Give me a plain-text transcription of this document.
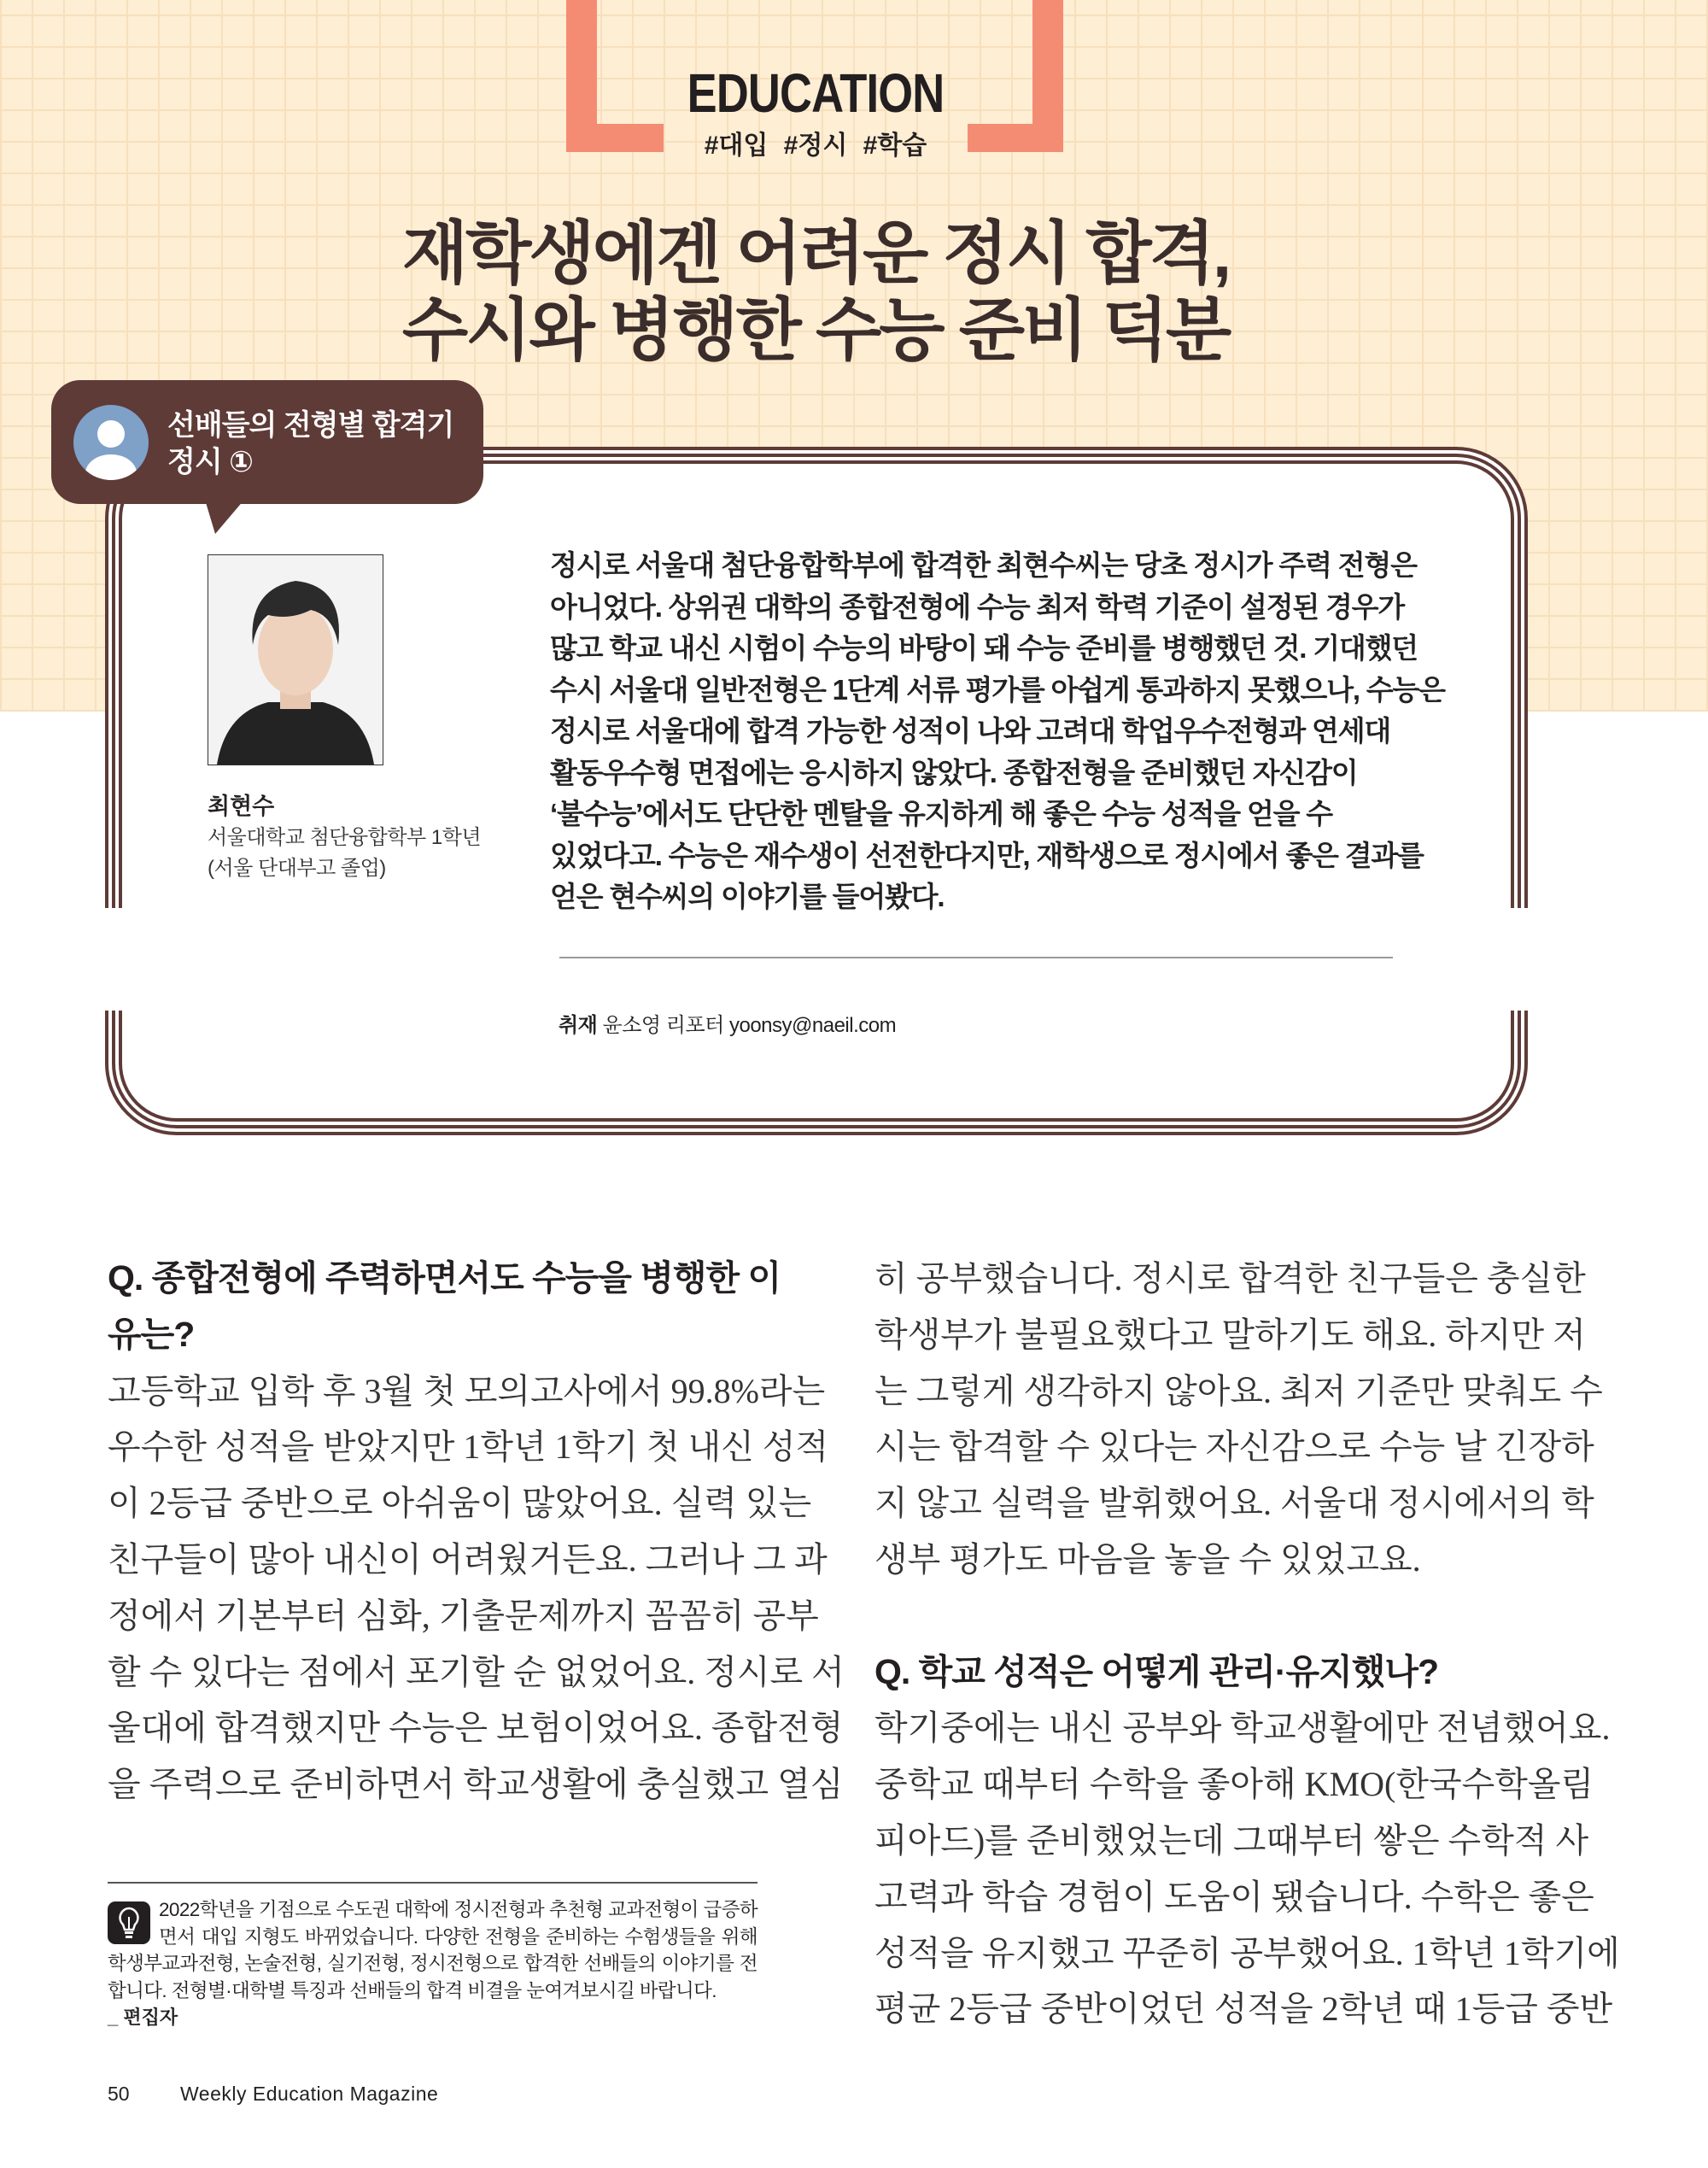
EDUCATION
#대입 #정시 #학습
재학생에겐 어려운 정시 합격,
수시와 병행한 수능 준비 덕분
선배들의 전형별 합격기
정시 ①
최현수
서울대학교 첨단융합학부 1학년
(서울 단대부고 졸업)
정시로 서울대 첨단융합학부에 합격한 최현수씨는 당초 정시가 주력 전형은
아니었다. 상위권 대학의 종합전형에 수능 최저 학력 기준이 설정된 경우가
많고 학교 내신 시험이 수능의 바탕이 돼 수능 준비를 병행했던 것. 기대했던
수시 서울대 일반전형은 1단계 서류 평가를 아쉽게 통과하지 못했으나, 수능은
정시로 서울대에 합격 가능한 성적이 나와 고려대 학업우수전형과 연세대
활동우수형 면접에는 응시하지 않았다. 종합전형을 준비했던 자신감이
‘불수능’에서도 단단한 멘탈을 유지하게 해 좋은 수능 성적을 얻을 수
있었다고. 수능은 재수생이 선전한다지만, 재학생으로 정시에서 좋은 결과를
얻은 현수씨의 이야기를 들어봤다.
취재 윤소영 리포터 yoonsy@naeil.com
Q. 종합전형에 주력하면서도 수능을 병행한 이
유는?
고등학교 입학 후 3월 첫 모의고사에서 99.8%라는
우수한 성적을 받았지만 1학년 1학기 첫 내신 성적
이 2등급 중반으로 아쉬움이 많았어요. 실력 있는
친구들이 많아 내신이 어려웠거든요. 그러나 그 과
정에서 기본부터 심화, 기출문제까지 꼼꼼히 공부
할 수 있다는 점에서 포기할 순 없었어요. 정시로 서
울대에 합격했지만 수능은 보험이었어요. 종합전형
을 주력으로 준비하면서 학교생활에 충실했고 열심
히 공부했습니다. 정시로 합격한 친구들은 충실한
학생부가 불필요했다고 말하기도 해요. 하지만 저
는 그렇게 생각하지 않아요. 최저 기준만 맞춰도 수
시는 합격할 수 있다는 자신감으로 수능 날 긴장하
지 않고 실력을 발휘했어요. 서울대 정시에서의 학
생부 평가도 마음을 놓을 수 있었고요.
Q. 학교 성적은 어떻게 관리·유지했나?
학기중에는 내신 공부와 학교생활에만 전념했어요.
중학교 때부터 수학을 좋아해 KMO(한국수학올림
피아드)를 준비했었는데 그때부터 쌓은 수학적 사
고력과 학습 경험이 도움이 됐습니다. 수학은 좋은
성적을 유지했고 꾸준히 공부했어요. 1학년 1학기에
평균 2등급 중반이었던 성적을 2학년 때 1등급 중반
2022학년을 기점으로 수도권 대학에 정시전형과 추천형 교과전형이 급증하
면서 대입 지형도 바뀌었습니다. 다양한 전형을 준비하는 수험생들을 위해
학생부교과전형, 논술전형, 실기전형, 정시전형으로 합격한 선배들의 이야기를 전
합니다. 전형별·대학별 특징과 선배들의 합격 비결을 눈여겨보시길 바랍니다.
_ 편집자
50	Weekly Education Magazine
